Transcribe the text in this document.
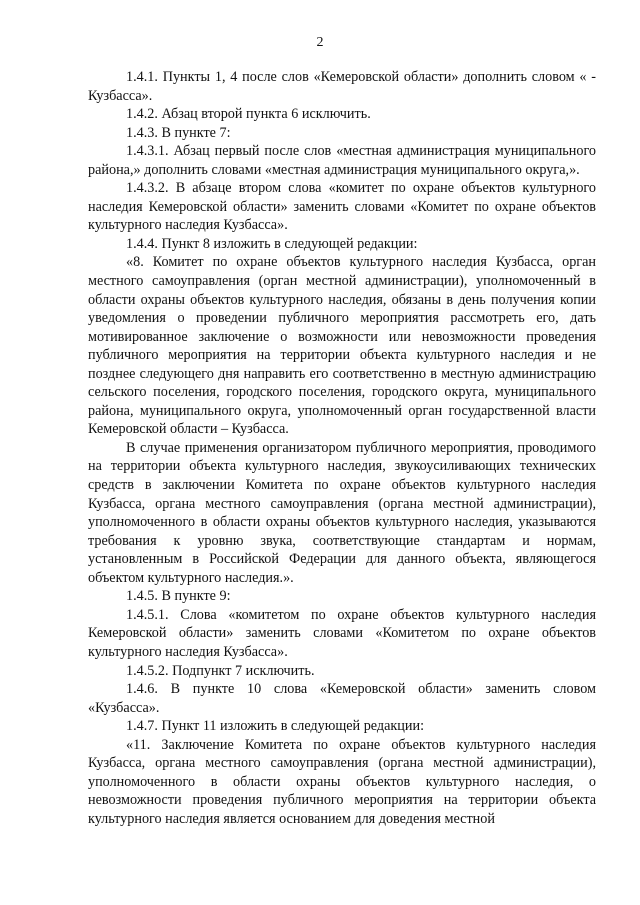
2

1.4.1. Пункты 1, 4 после слов «Кемеровской области» дополнить словом « - Кузбасса».

1.4.2. Абзац второй пункта 6 исключить.

1.4.3. В пункте 7:

1.4.3.1. Абзац первый после слов «местная администрация муниципального района,» дополнить словами «местная администрация муниципального округа,».

1.4.3.2. В абзаце втором слова «комитет по охране объектов культурного наследия Кемеровской области» заменить словами «Комитет по охране объектов культурного наследия Кузбасса».

1.4.4. Пункт 8 изложить в следующей редакции:

«8. Комитет по охране объектов культурного наследия Кузбасса, орган местного самоуправления (орган местной администрации), уполномоченный в области охраны объектов культурного наследия, обязаны в день получения копии уведомления о проведении публичного мероприятия рассмотреть его, дать мотивированное заключение о возможности или невозможности проведения публичного мероприятия на территории объекта культурного наследия и не позднее следующего дня направить его соответственно в местную администрацию сельского поселения, городского поселения, городского округа, муниципального района, муниципального округа, уполномоченный орган государственной власти Кемеровской области – Кузбасса.

В случае применения организатором публичного мероприятия, проводимого на территории объекта культурного наследия, звукоусиливающих технических средств в заключении Комитета по охране объектов культурного наследия Кузбасса, органа местного самоуправления (органа местной администрации), уполномоченного в области охраны объектов культурного наследия, указываются требования к уровню звука, соответствующие стандартам и нормам, установленным в Российской Федерации для данного объекта, являющегося объектом культурного наследия.».

1.4.5. В пункте 9:

1.4.5.1. Слова «комитетом по охране объектов культурного наследия Кемеровской области» заменить словами «Комитетом по охране объектов культурного наследия Кузбасса».

1.4.5.2. Подпункт 7 исключить.

1.4.6. В пункте 10 слова «Кемеровской области» заменить словом «Кузбасса».

1.4.7. Пункт 11 изложить в следующей редакции:

«11. Заключение Комитета по охране объектов культурного наследия Кузбасса, органа местного самоуправления (органа местной администрации), уполномоченного в области охраны объектов культурного наследия, о невозможности проведения публичного мероприятия на территории объекта культурного наследия является основанием для доведения местной
